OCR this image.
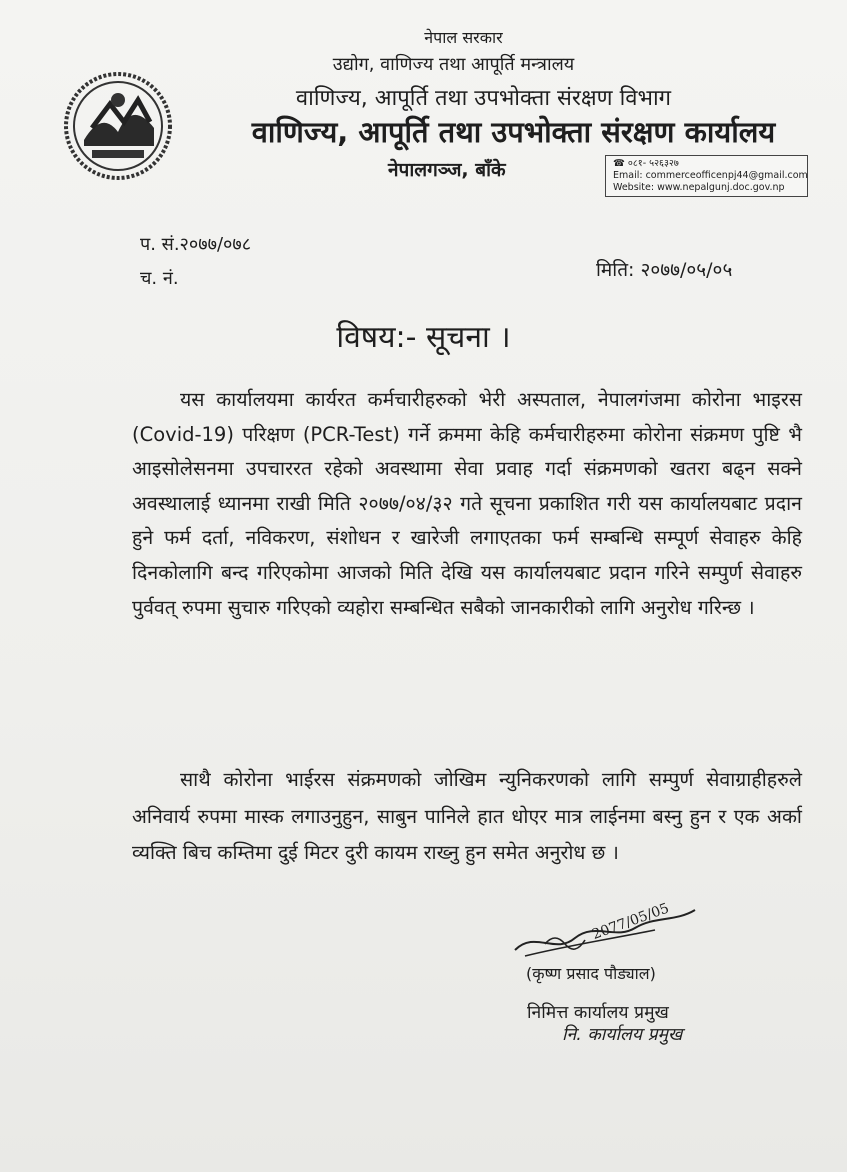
नेपाल सरकार
उद्योग, वाणिज्य तथा आपूर्ति मन्त्रालय
वाणिज्य, आपूर्ति तथा उपभोक्ता संरक्षण विभाग
वाणिज्य, आपूर्ति तथा उपभोक्ता संरक्षण कार्यालय
नेपालगञ्ज, बाँके	☎ ०८१- ५२६३२७
Email: commerceofficenpj44@gmail.com
Website: www.nepalgunj.doc.gov.np
प. सं.२०७७/०७८
च. नं.	मिति: २०७७/०५/०५
विषय:- सूचना ।

यस कार्यालयमा कार्यरत कर्मचारीहरुको भेरी अस्पताल, नेपालगंजमा कोरोना भाइरस (Covid-19) परिक्षण (PCR-Test) गर्ने क्रममा केहि कर्मचारीहरुमा कोरोना संक्रमण पुष्टि भै आइसोलेसनमा उपचाररत रहेको अवस्थामा सेवा प्रवाह गर्दा संक्रमणको खतरा बढ्न सक्ने अवस्थालाई ध्यानमा राखी मिति २०७७/०४/३२ गते सूचना प्रकाशित गरी यस कार्यालयबाट प्रदान हुने फर्म दर्ता, नविकरण, संशोधन र खारेजी लगाएतका फर्म सम्बन्धि सम्पूर्ण सेवाहरु केहि दिनकोलागि बन्द गरिएकोमा आजको मिति देखि यस कार्यालयबाट प्रदान गरिने सम्पुर्ण सेवाहरु पुर्ववत् रुपमा सुचारु गरिएको व्यहोरा सम्बन्धित सबैको जानकारीको लागि अनुरोध गरिन्छ ।

साथै कोरोना भाईरस संक्रमणको जोखिम न्युनिकरणको लागि सम्पुर्ण सेवाग्राहीहरुले अनिवार्य रुपमा मास्क लगाउनुहुन, साबुन पानिले हात धोएर मात्र लाईनमा बस्नु हुन र एक अर्का व्यक्ति बिच कम्तिमा दुई मिटर दुरी कायम राख्नु हुन समेत अनुरोध छ ।

2077/05/05
(कृष्ण प्रसाद पौड्याल)
निमित्त कार्यालय प्रमुख
नि. कार्यालय प्रमुख
